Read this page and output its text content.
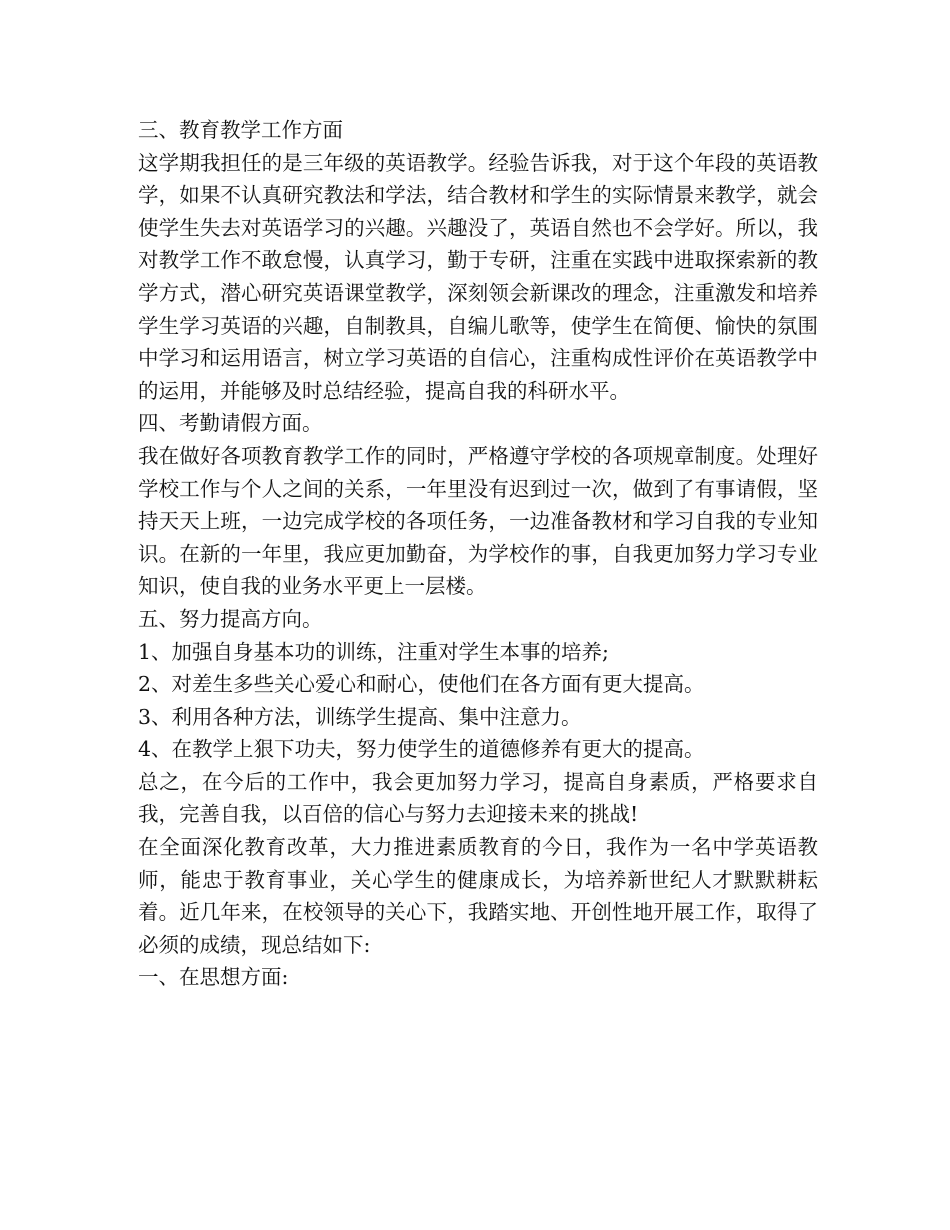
三、教育教学工作方面

这学期我担任的是三年级的英语教学。经验告诉我，对于这个年段的英语教学，如果不认真研究教法和学法，结合教材和学生的实际情景来教学，就会使学生失去对英语学习的兴趣。兴趣没了，英语自然也不会学好。所以，我对教学工作不敢怠慢，认真学习，勤于专研，注重在实践中进取探索新的教学方式，潜心研究英语课堂教学，深刻领会新课改的理念，注重激发和培养学生学习英语的兴趣，自制教具，自编儿歌等，使学生在简便、愉快的氛围中学习和运用语言，树立学习英语的自信心，注重构成性评价在英语教学中的运用，并能够及时总结经验，提高自我的科研水平。

四、考勤请假方面。

我在做好各项教育教学工作的同时，严格遵守学校的各项规章制度。处理好学校工作与个人之间的关系，一年里没有迟到过一次，做到了有事请假，坚持天天上班，一边完成学校的各项任务，一边准备教材和学习自我的专业知识。在新的一年里，我应更加勤奋，为学校作的事，自我更加努力学习专业知识，使自我的业务水平更上一层楼。

五、努力提高方向。

1、加强自身基本功的训练，注重对学生本事的培养;

2、对差生多些关心爱心和耐心，使他们在各方面有更大提高。

3、利用各种方法，训练学生提高、集中注意力。

4、在教学上狠下功夫，努力使学生的道德修养有更大的提高。

总之，在今后的工作中，我会更加努力学习，提高自身素质，严格要求自我，完善自我，以百倍的信心与努力去迎接未来的挑战!

在全面深化教育改革，大力推进素质教育的今日，我作为一名中学英语教师，能忠于教育事业，关心学生的健康成长，为培养新世纪人才默默耕耘着。近几年来，在校领导的关心下，我踏实地、开创性地开展工作，取得了必须的成绩，现总结如下:

一、在思想方面:
